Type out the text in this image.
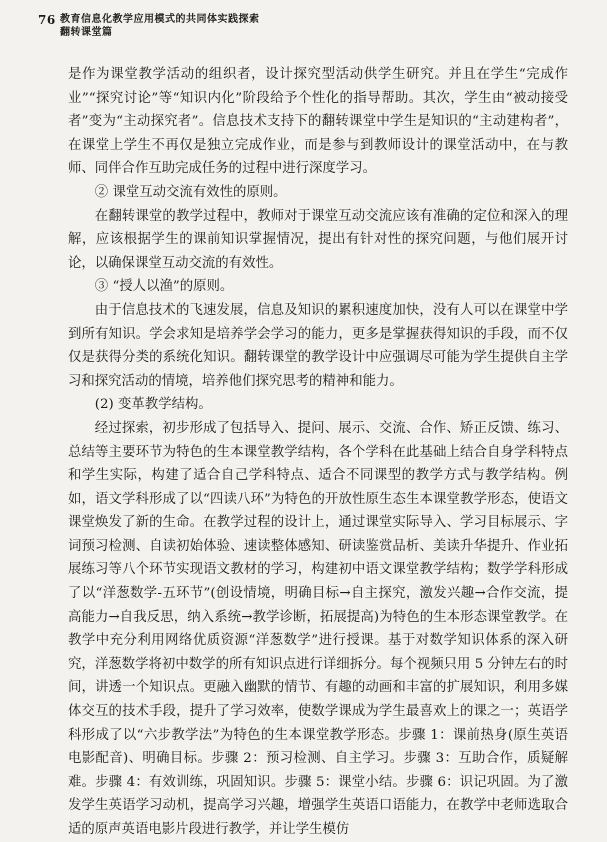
76 教育信息化教学应用模式的共同体实践探索
翻转课堂篇

是作为课堂教学活动的组织者，设计探究型活动供学生研究。并且在学生“完成作业”“探究讨论”等“知识内化”阶段给予个性化的指导帮助。其次，学生由“被动接受者”变为“主动探究者”。信息技术支持下的翻转课堂中学生是知识的“主动建构者”，在课堂上学生不再仅是独立完成作业，而是参与到教师设计的课堂活动中，在与教师、同伴合作互助完成任务的过程中进行深度学习。

② 课堂互动交流有效性的原则。

在翻转课堂的教学过程中，教师对于课堂互动交流应该有准确的定位和深入的理解，应该根据学生的课前知识掌握情况，提出有针对性的探究问题，与他们展开讨论，以确保课堂互动交流的有效性。

③ “授人以渔”的原则。

由于信息技术的飞速发展，信息及知识的累积速度加快，没有人可以在课堂中学到所有知识。学会求知是培养学会学习的能力，更多是掌握获得知识的手段，而不仅仅是获得分类的系统化知识。翻转课堂的教学设计中应强调尽可能为学生提供自主学习和探究活动的情境，培养他们探究思考的精神和能力。

(2) 变革教学结构。

经过探索，初步形成了包括导入、提问、展示、交流、合作、矫正反馈、练习、总结等主要环节为特色的生本课堂教学结构，各个学科在此基础上结合自身学科特点和学生实际，构建了适合自己学科特点、适合不同课型的教学方式与教学结构。例如，语文学科形成了以“四读八环”为特色的开放性原生态生本课堂教学形态，使语文课堂焕发了新的生命。在教学过程的设计上，通过课堂实际导入、学习目标展示、字词预习检测、自读初始体验、速读整体感知、研读鉴赏品析、美读升华提升、作业拓展练习等八个环节实现语文教材的学习，构建初中语文课堂教学结构；数学学科形成了以“洋葱数学-五环节”(创设情境，明确目标→自主探究，激发兴趣→合作交流，提高能力→自我反思，纳入系统→教学诊断，拓展提高)为特色的生本形态课堂教学。在教学中充分利用网络优质资源“洋葱数学”进行授课。基于对数学知识体系的深入研究，洋葱数学将初中数学的所有知识点进行详细拆分。每个视频只用 5 分钟左右的时间，讲透一个知识点。更融入幽默的情节、有趣的动画和丰富的扩展知识，利用多媒体交互的技术手段，提升了学习效率，使数学课成为学生最喜欢上的课之一；英语学科形成了以“六步教学法”为特色的生本课堂教学形态。步骤 1：课前热身(原生英语电影配音)、明确目标。步骤 2：预习检测、自主学习。步骤 3：互助合作，质疑解难。步骤 4：有效训练，巩固知识。步骤 5：课堂小结。步骤 6：识记巩固。为了激发学生英语学习动机，提高学习兴趣，增强学生英语口语能力，在教学中老师选取合适的原声英语电影片段进行教学，并让学生模仿
